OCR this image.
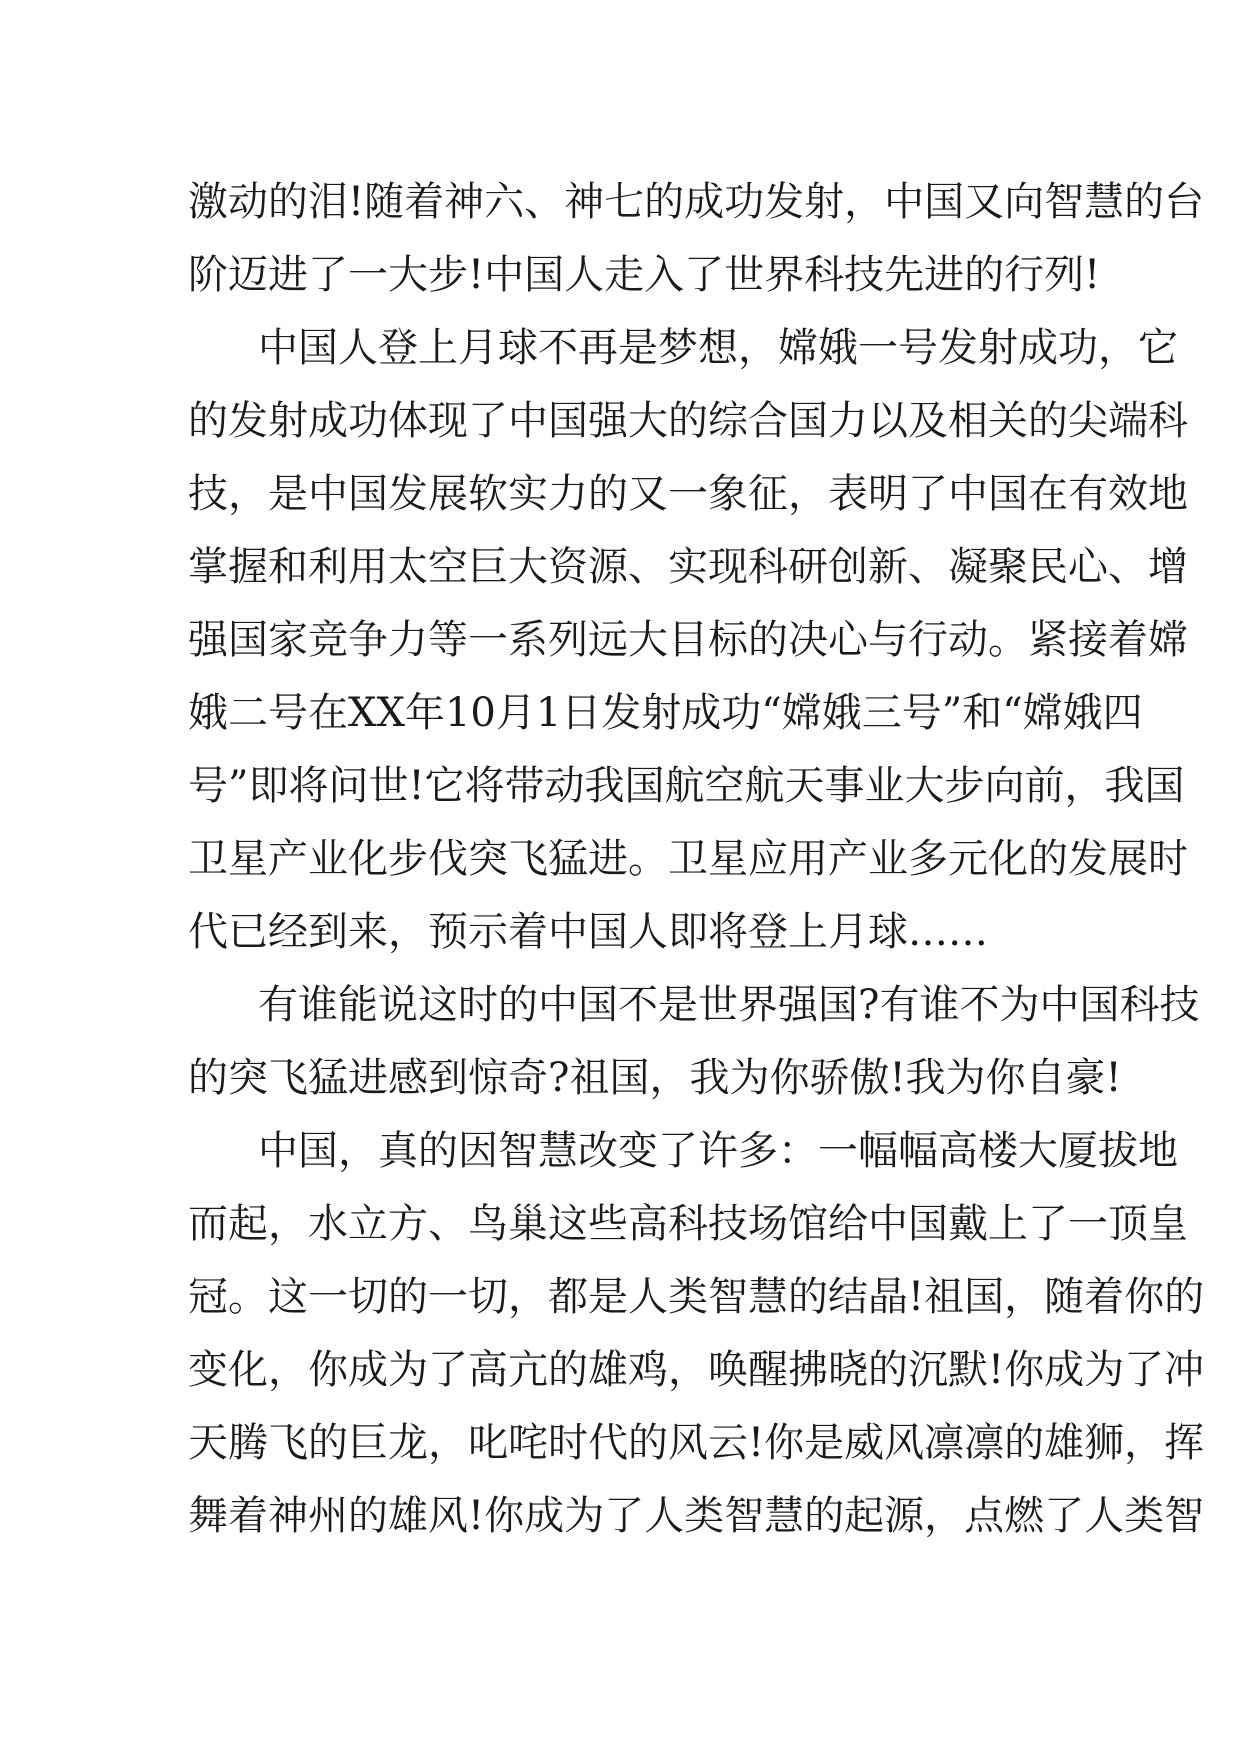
激动的泪!随着神六、神七的成功发射，中国又向智慧的台
阶迈进了一大步!中国人走入了世界科技先进的行列!
中国人登上月球不再是梦想，嫦娥一号发射成功，它
的发射成功体现了中国强大的综合国力以及相关的尖端科
技，是中国发展软实力的又一象征，表明了中国在有效地
掌握和利用太空巨大资源、实现科研创新、凝聚民心、增
强国家竞争力等一系列远大目标的决心与行动。紧接着嫦
娥二号在XX年10月1日发射成功“嫦娥三号”和“嫦娥四
号”即将问世!它将带动我国航空航天事业大步向前，我国
卫星产业化步伐突飞猛进。卫星应用产业多元化的发展时
代已经到来，预示着中国人即将登上月球……
有谁能说这时的中国不是世界强国?有谁不为中国科技
的突飞猛进感到惊奇?祖国，我为你骄傲!我为你自豪!
中国，真的因智慧改变了许多：一幅幅高楼大厦拔地
而起，水立方、鸟巢这些高科技场馆给中国戴上了一顶皇
冠。这一切的一切，都是人类智慧的结晶!祖国，随着你的
变化，你成为了高亢的雄鸡，唤醒拂晓的沉默!你成为了冲
天腾飞的巨龙，叱咤时代的风云!你是威风凛凛的雄狮，挥
舞着神州的雄风!你成为了人类智慧的起源，点燃了人类智
